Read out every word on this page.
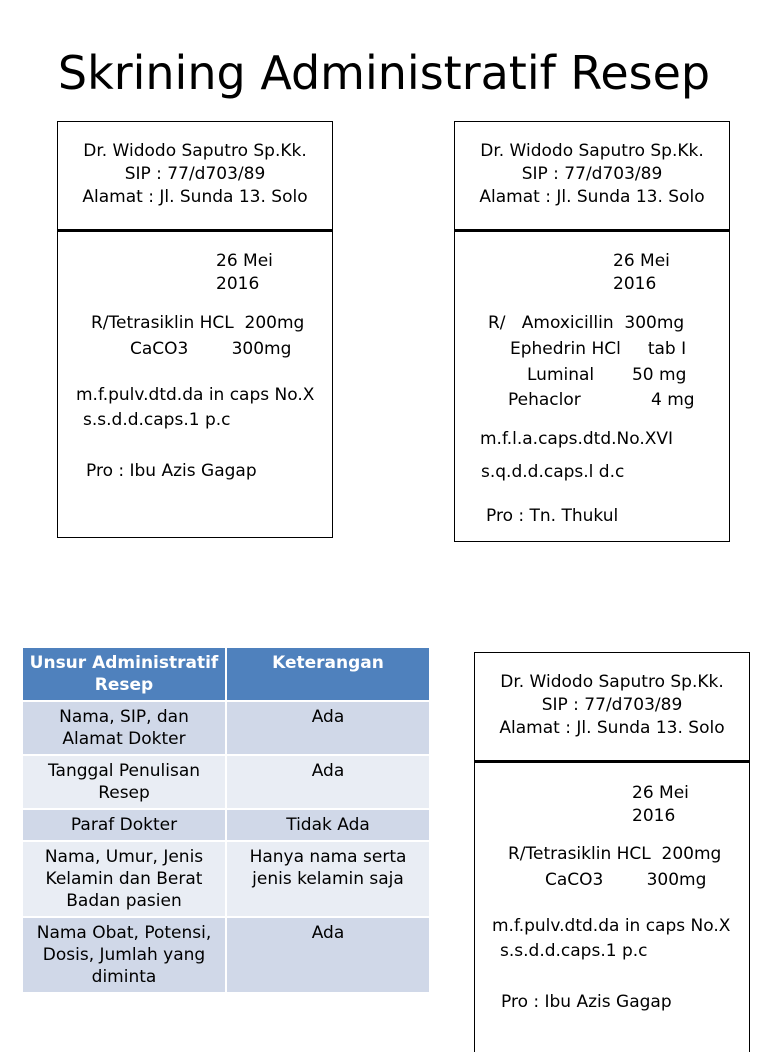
Skrining Administratif Resep
Dr. Widodo Saputro Sp.Kk.
SIP : 77/d703/89
Alamat : Jl. Sunda 13. Solo
26 Mei
2016
R/Tetrasiklin HCL  200mg
CaCO3        300mg
m.f.pulv.dtd.da in caps No.X
s.s.d.d.caps.1 p.c
Pro : Ibu Azis Gagap
Dr. Widodo Saputro Sp.Kk.
SIP : 77/d703/89
Alamat : Jl. Sunda 13. Solo
26 Mei
2016
R/   Amoxicillin  300mg
Ephedrin HCl     tab I
Luminal       50 mg
Pehaclor             4 mg
m.f.l.a.caps.dtd.No.XVI
s.q.d.d.caps.l d.c
Pro : Tn. Thukul
Unsur Administratif Resep	Keterangan
Nama, SIP, dan Alamat Dokter	Ada
Tanggal Penulisan Resep	Ada
Paraf Dokter	Tidak Ada
Nama, Umur, Jenis Kelamin dan Berat Badan pasien	Hanya nama serta jenis kelamin saja
Nama Obat, Potensi, Dosis, Jumlah yang diminta	Ada
Dr. Widodo Saputro Sp.Kk.
SIP : 77/d703/89
Alamat : Jl. Sunda 13. Solo
26 Mei
2016
R/Tetrasiklin HCL  200mg
CaCO3        300mg
m.f.pulv.dtd.da in caps No.X
s.s.d.d.caps.1 p.c
Pro : Ibu Azis Gagap
